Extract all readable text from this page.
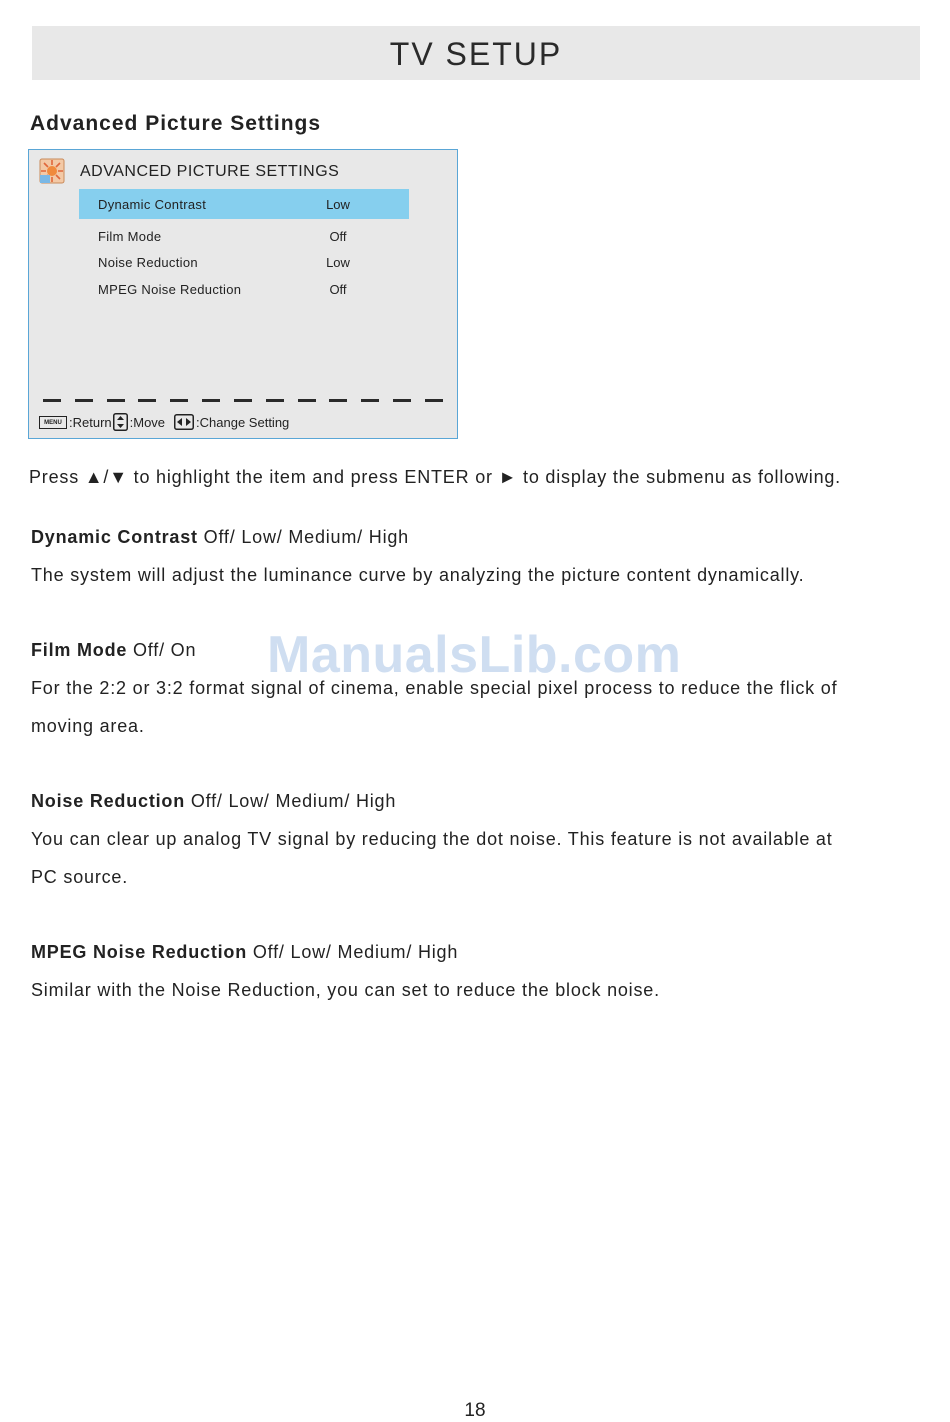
TV SETUP
Advanced Picture Settings
ADVANCED PICTURE SETTINGS
Dynamic Contrast	Low
Film Mode	Off
Noise Reduction	Low
MPEG Noise Reduction	Off
MENU :Return :Move :Change Setting
Press ▲/▼ to highlight the item and press ENTER or ► to display the submenu as following.
Dynamic Contrast Off/ Low/ Medium/ High
The system will adjust the luminance curve by analyzing the picture content dynamically.
Film Mode Off/ On
For the 2:2 or 3:2 format signal of cinema, enable special pixel process to reduce the flick of
moving area.
Noise Reduction Off/ Low/ Medium/ High
You can clear up analog TV signal by reducing the dot noise. This feature is not available at
PC source.
MPEG Noise Reduction Off/ Low/ Medium/ High
Similar with the Noise Reduction, you can set to reduce the block noise.
ManualsLib.com
18
